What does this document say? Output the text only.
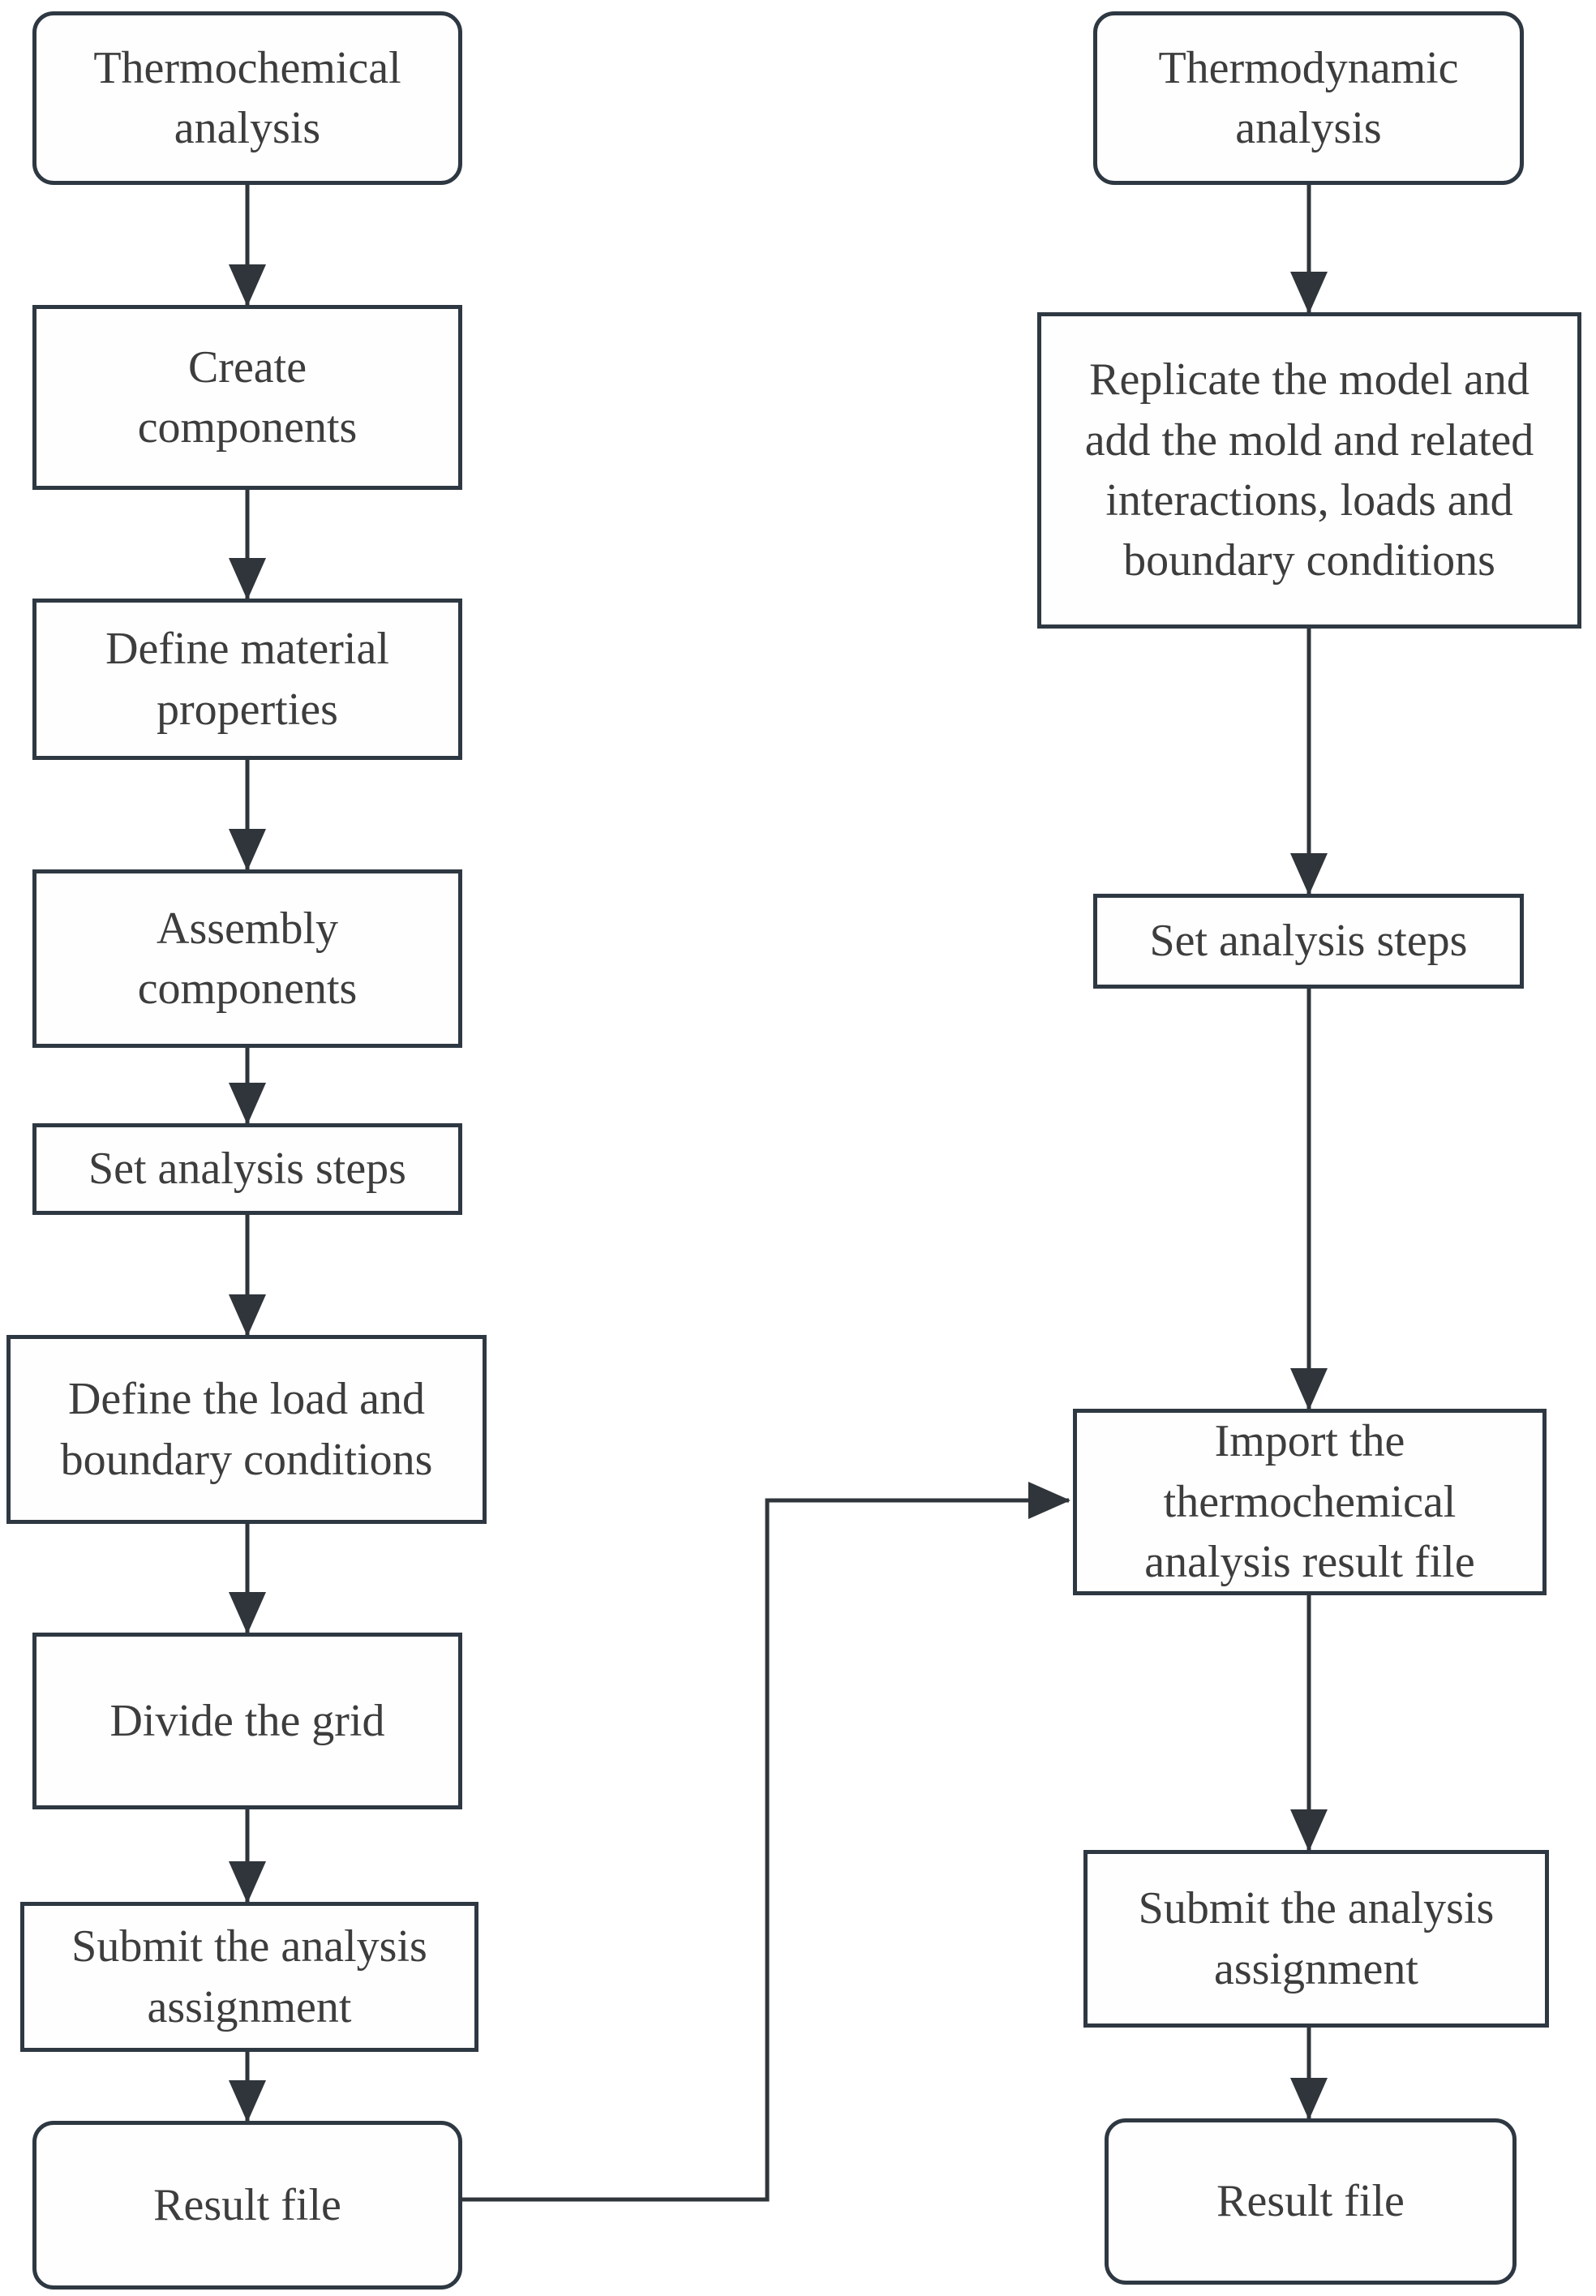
Thermochemical analysis
Create components
Define material properties
Assembly components
Set analysis steps
Define the load and boundary conditions
Divide the grid
Submit the analysis assignment
Result file
Thermodynamic analysis
Replicate the model and add the mold and related interactions, loads and boundary conditions
Set analysis steps
Import the thermochemical analysis result file
Submit the analysis assignment
Result file
